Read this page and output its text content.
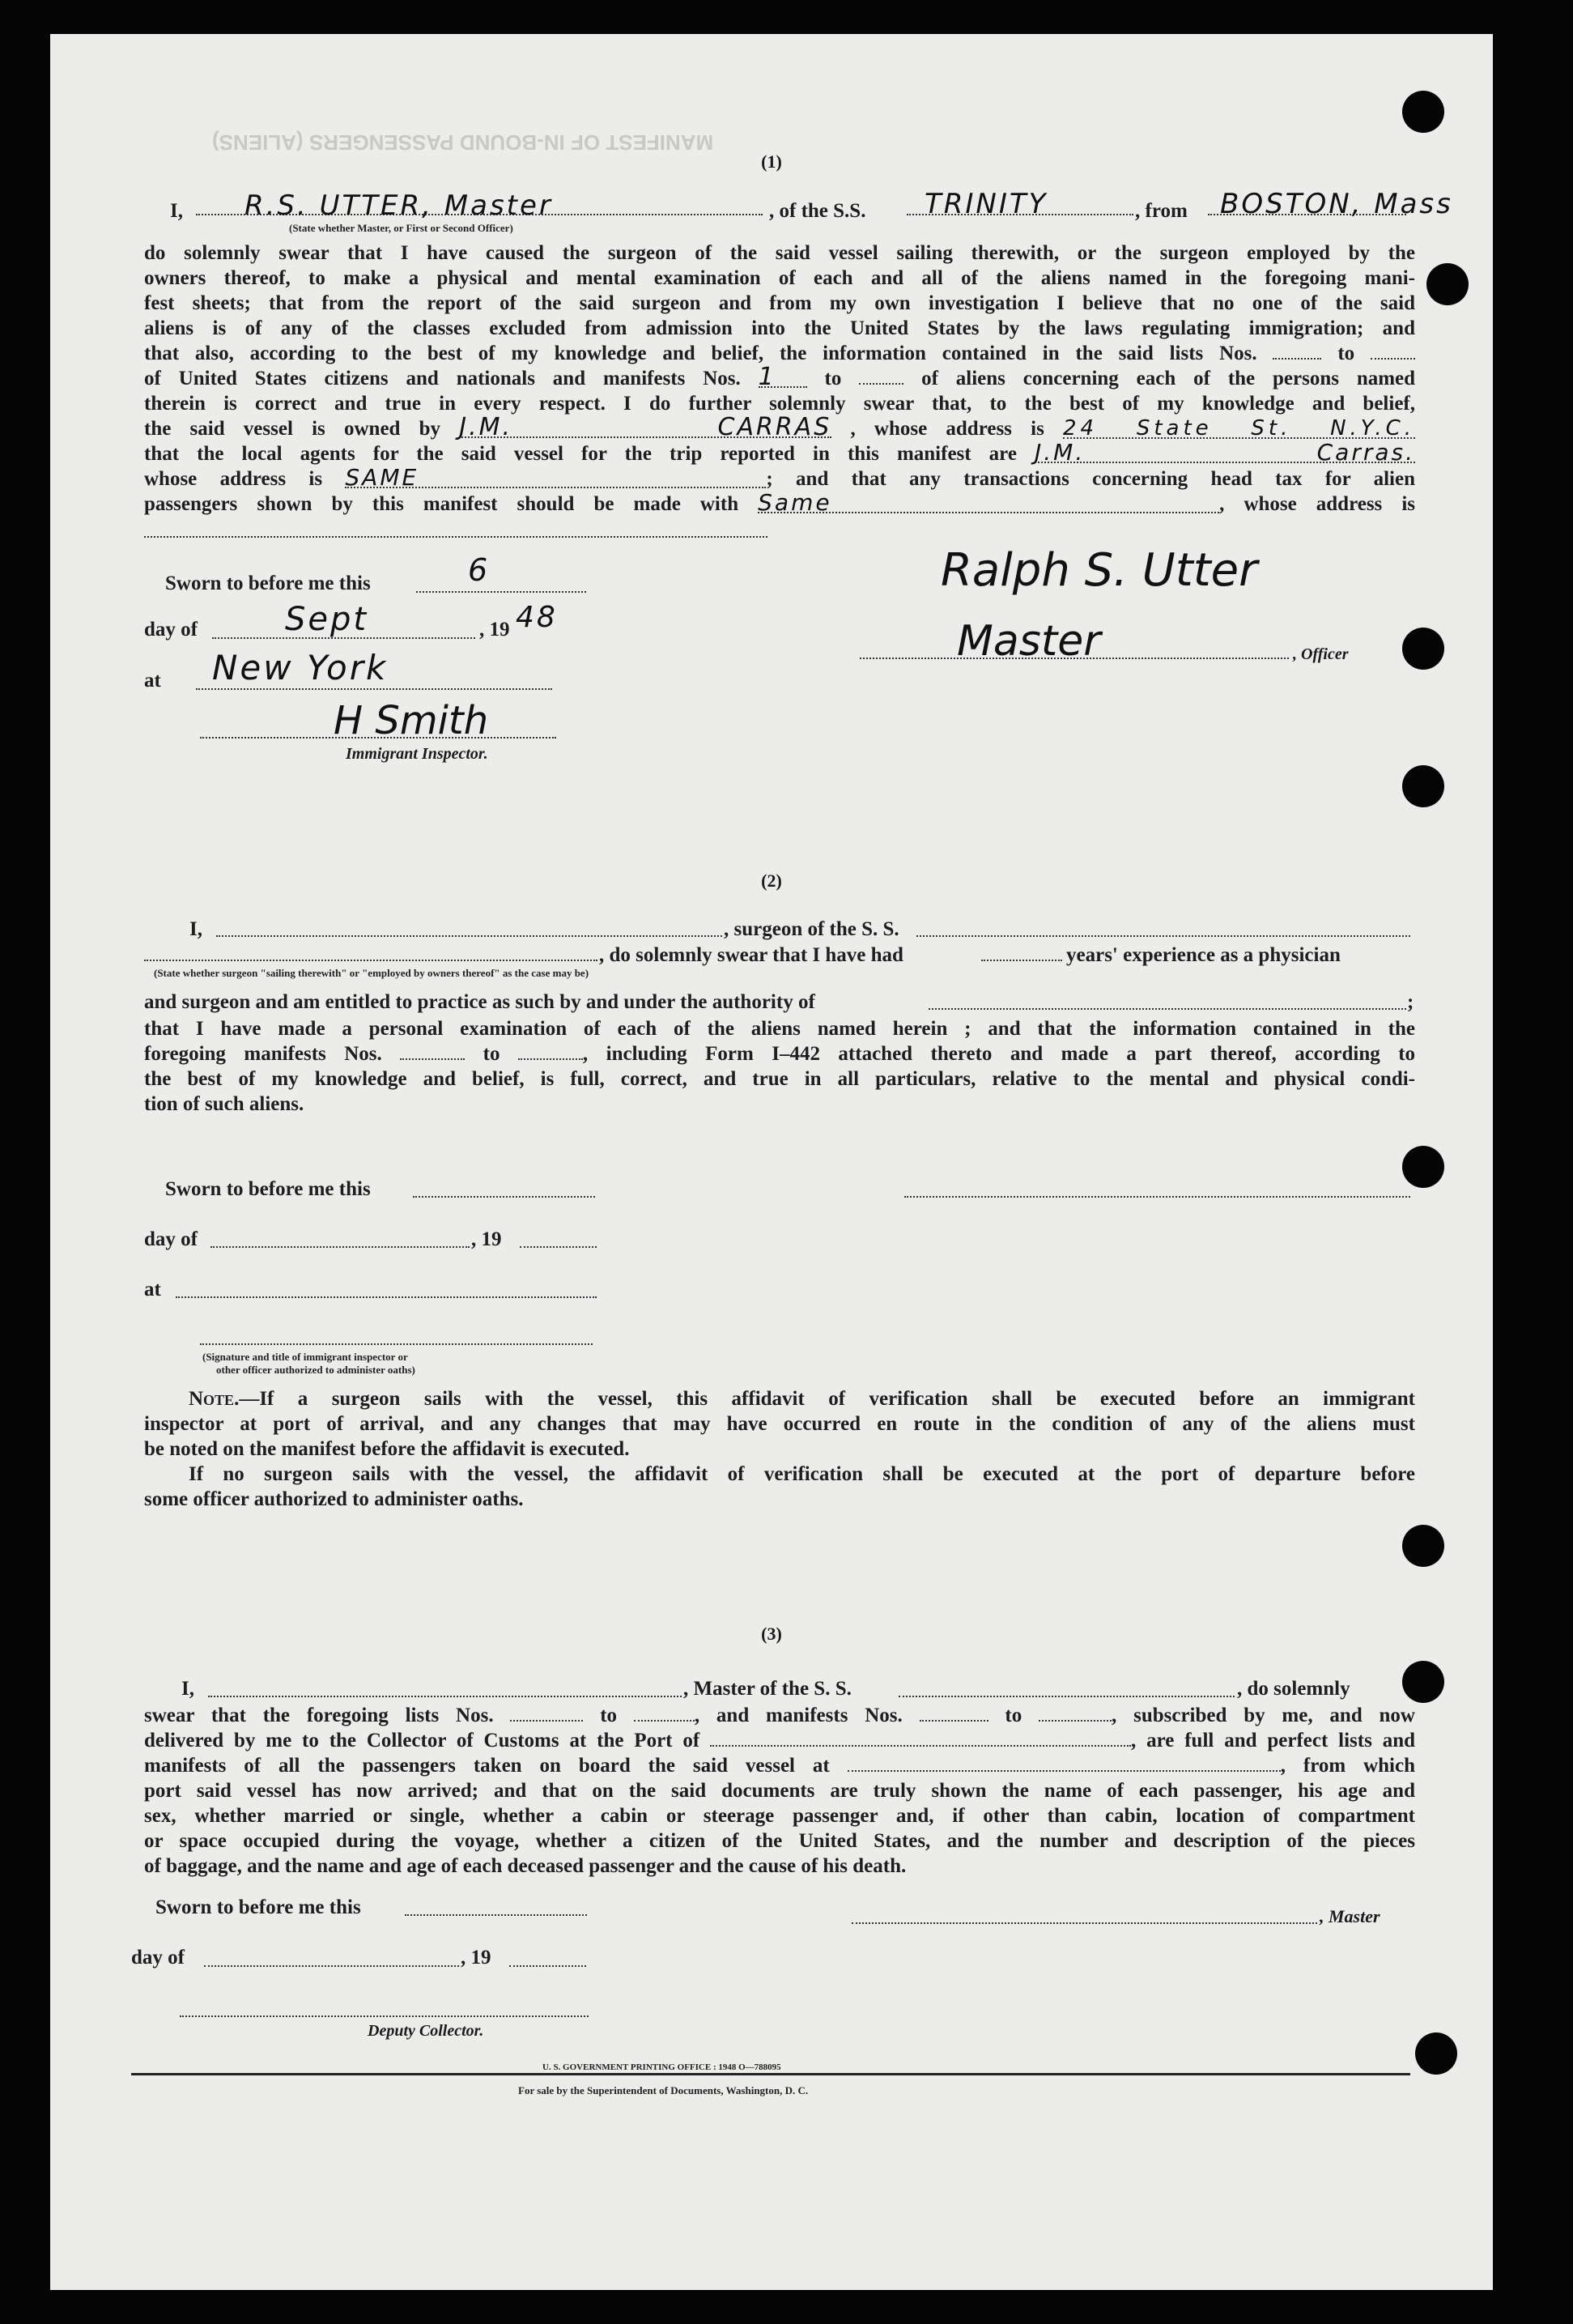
MANIFEST OF IN-BOUND PASSENGERS (ALIENS)
(1)
I, R.S. UTTER, Master	, of the S.S. TRINITY	, from BOSTON, Mass
(State whether Master, or First or Second Officer)
do solemnly swear that I have caused the surgeon of the said vessel sailing therewith, or the surgeon employed by the
owners thereof, to make a physical and mental examination of each and all of the aliens named in the foregoing mani-
fest sheets; that from the report of the said surgeon and from my own investigation I believe that no one of the said
aliens is of any of the classes excluded from admission into the United States by the laws regulating immigration; and
that also, according to the best of my knowledge and belief, the information contained in the said lists Nos.	to
of United States citizens and nationals and manifests Nos. 1 to	of aliens concerning each of the persons named
therein is correct and true in every respect. I do further solemnly swear that, to the best of my knowledge and belief,
the said vessel is owned by J.M. CARRAS , whose address is 24 State St. N.Y.C.
that the local agents for the said vessel for the trip reported in this manifest are J.M. Carras.
whose address is SAME	; and that any transactions concerning head tax for alien
passengers shown by this manifest should be made with Same	, whose address is
Sworn to before me this	6
day of	Sept	, 19 48
at New York
H Smith
Immigrant Inspector.
Ralph S. Utter
Master	, Officer
(2)
I,	, surgeon of the S. S.
, do solemnly swear that I have had	years' experience as a physician
(State whether surgeon "sailing therewith" or "employed by owners thereof" as the case may be)
and surgeon and am entitled to practice as such by and under the authority of	;
that I have made a personal examination of each of the aliens named herein ; and that the information contained in the
foregoing manifests Nos.	to	, including Form I–442 attached thereto and made a part thereof, according to
the best of my knowledge and belief, is full, correct, and true in all particulars, relative to the mental and physical condi-
tion of such aliens.
Sworn to before me this
day of	, 19
at
(Signature and title of immigrant inspector or
other officer authorized to administer oaths)
Note.—If a surgeon sails with the vessel, this affidavit of verification shall be executed before an immigrant
inspector at port of arrival, and any changes that may have occurred en route in the condition of any of the aliens must
be noted on the manifest before the affidavit is executed.
If no surgeon sails with the vessel, the affidavit of verification shall be executed at the port of departure before
some officer authorized to administer oaths.
(3)
I,	, Master of the S. S.	, do solemnly
swear that the foregoing lists Nos.	to	, and manifests Nos.	to	, subscribed by me, and now
delivered by me to the Collector of Customs at the Port of	, are full and perfect lists and
manifests of all the passengers taken on board the said vessel at	, from which
port said vessel has now arrived; and that on the said documents are truly shown the name of each passenger, his age and
sex, whether married or single, whether a cabin or steerage passenger and, if other than cabin, location of compartment
or space occupied during the voyage, whether a citizen of the United States, and the number and description of the pieces
of baggage, and the name and age of each deceased passenger and the cause of his death.
Sworn to before me this	, Master
day of	, 19
Deputy Collector.
U. S. GOVERNMENT PRINTING OFFICE : 1948 O—788095
For sale by the Superintendent of Documents, Washington, D. C.
